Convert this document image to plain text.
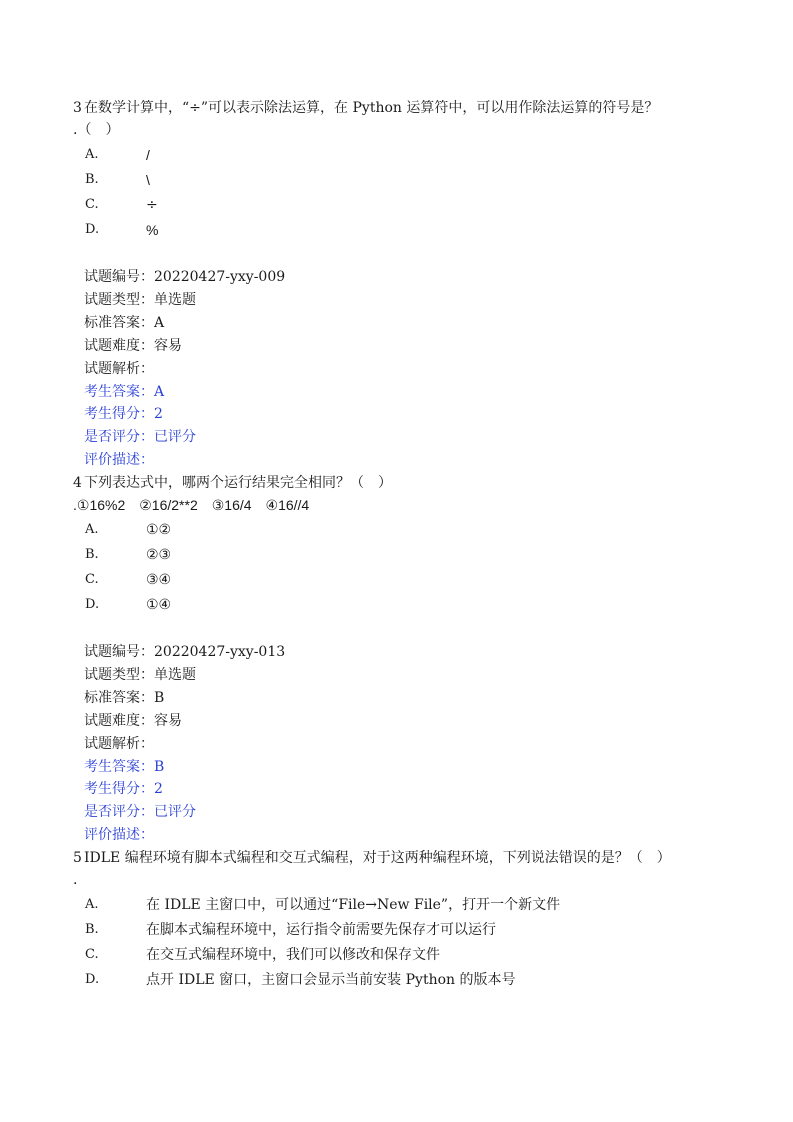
3 在数学计算中，“÷”可以表示除法运算，在 Python 运算符中，可以用作除法运算的符号是？
.（　）
A.	/
B.	\
C.	÷
D.	%
试题编号：20220427-yxy-009
试题类型：单选题
标准答案：A
试题难度：容易
试题解析：
考生答案：A
考生得分：2
是否评分：已评分
评价描述：
4 下列表达式中，哪两个运行结果完全相同？（　）
.①16%2　②16/2**2　③16/4　④16//4
A.	①②
B.	②③
C.	③④
D.	①④
试题编号：20220427-yxy-013
试题类型：单选题
标准答案：B
试题难度：容易
试题解析：
考生答案：B
考生得分：2
是否评分：已评分
评价描述：
5 IDLE 编程环境有脚本式编程和交互式编程，对于这两种编程环境，下列说法错误的是？（　）
.
A.	在 IDLE 主窗口中，可以通过“File→New File”，打开一个新文件
B.	在脚本式编程环境中，运行指令前需要先保存才可以运行
C.	在交互式编程环境中，我们可以修改和保存文件
D.	点开 IDLE 窗口，主窗口会显示当前安装 Python 的版本号
